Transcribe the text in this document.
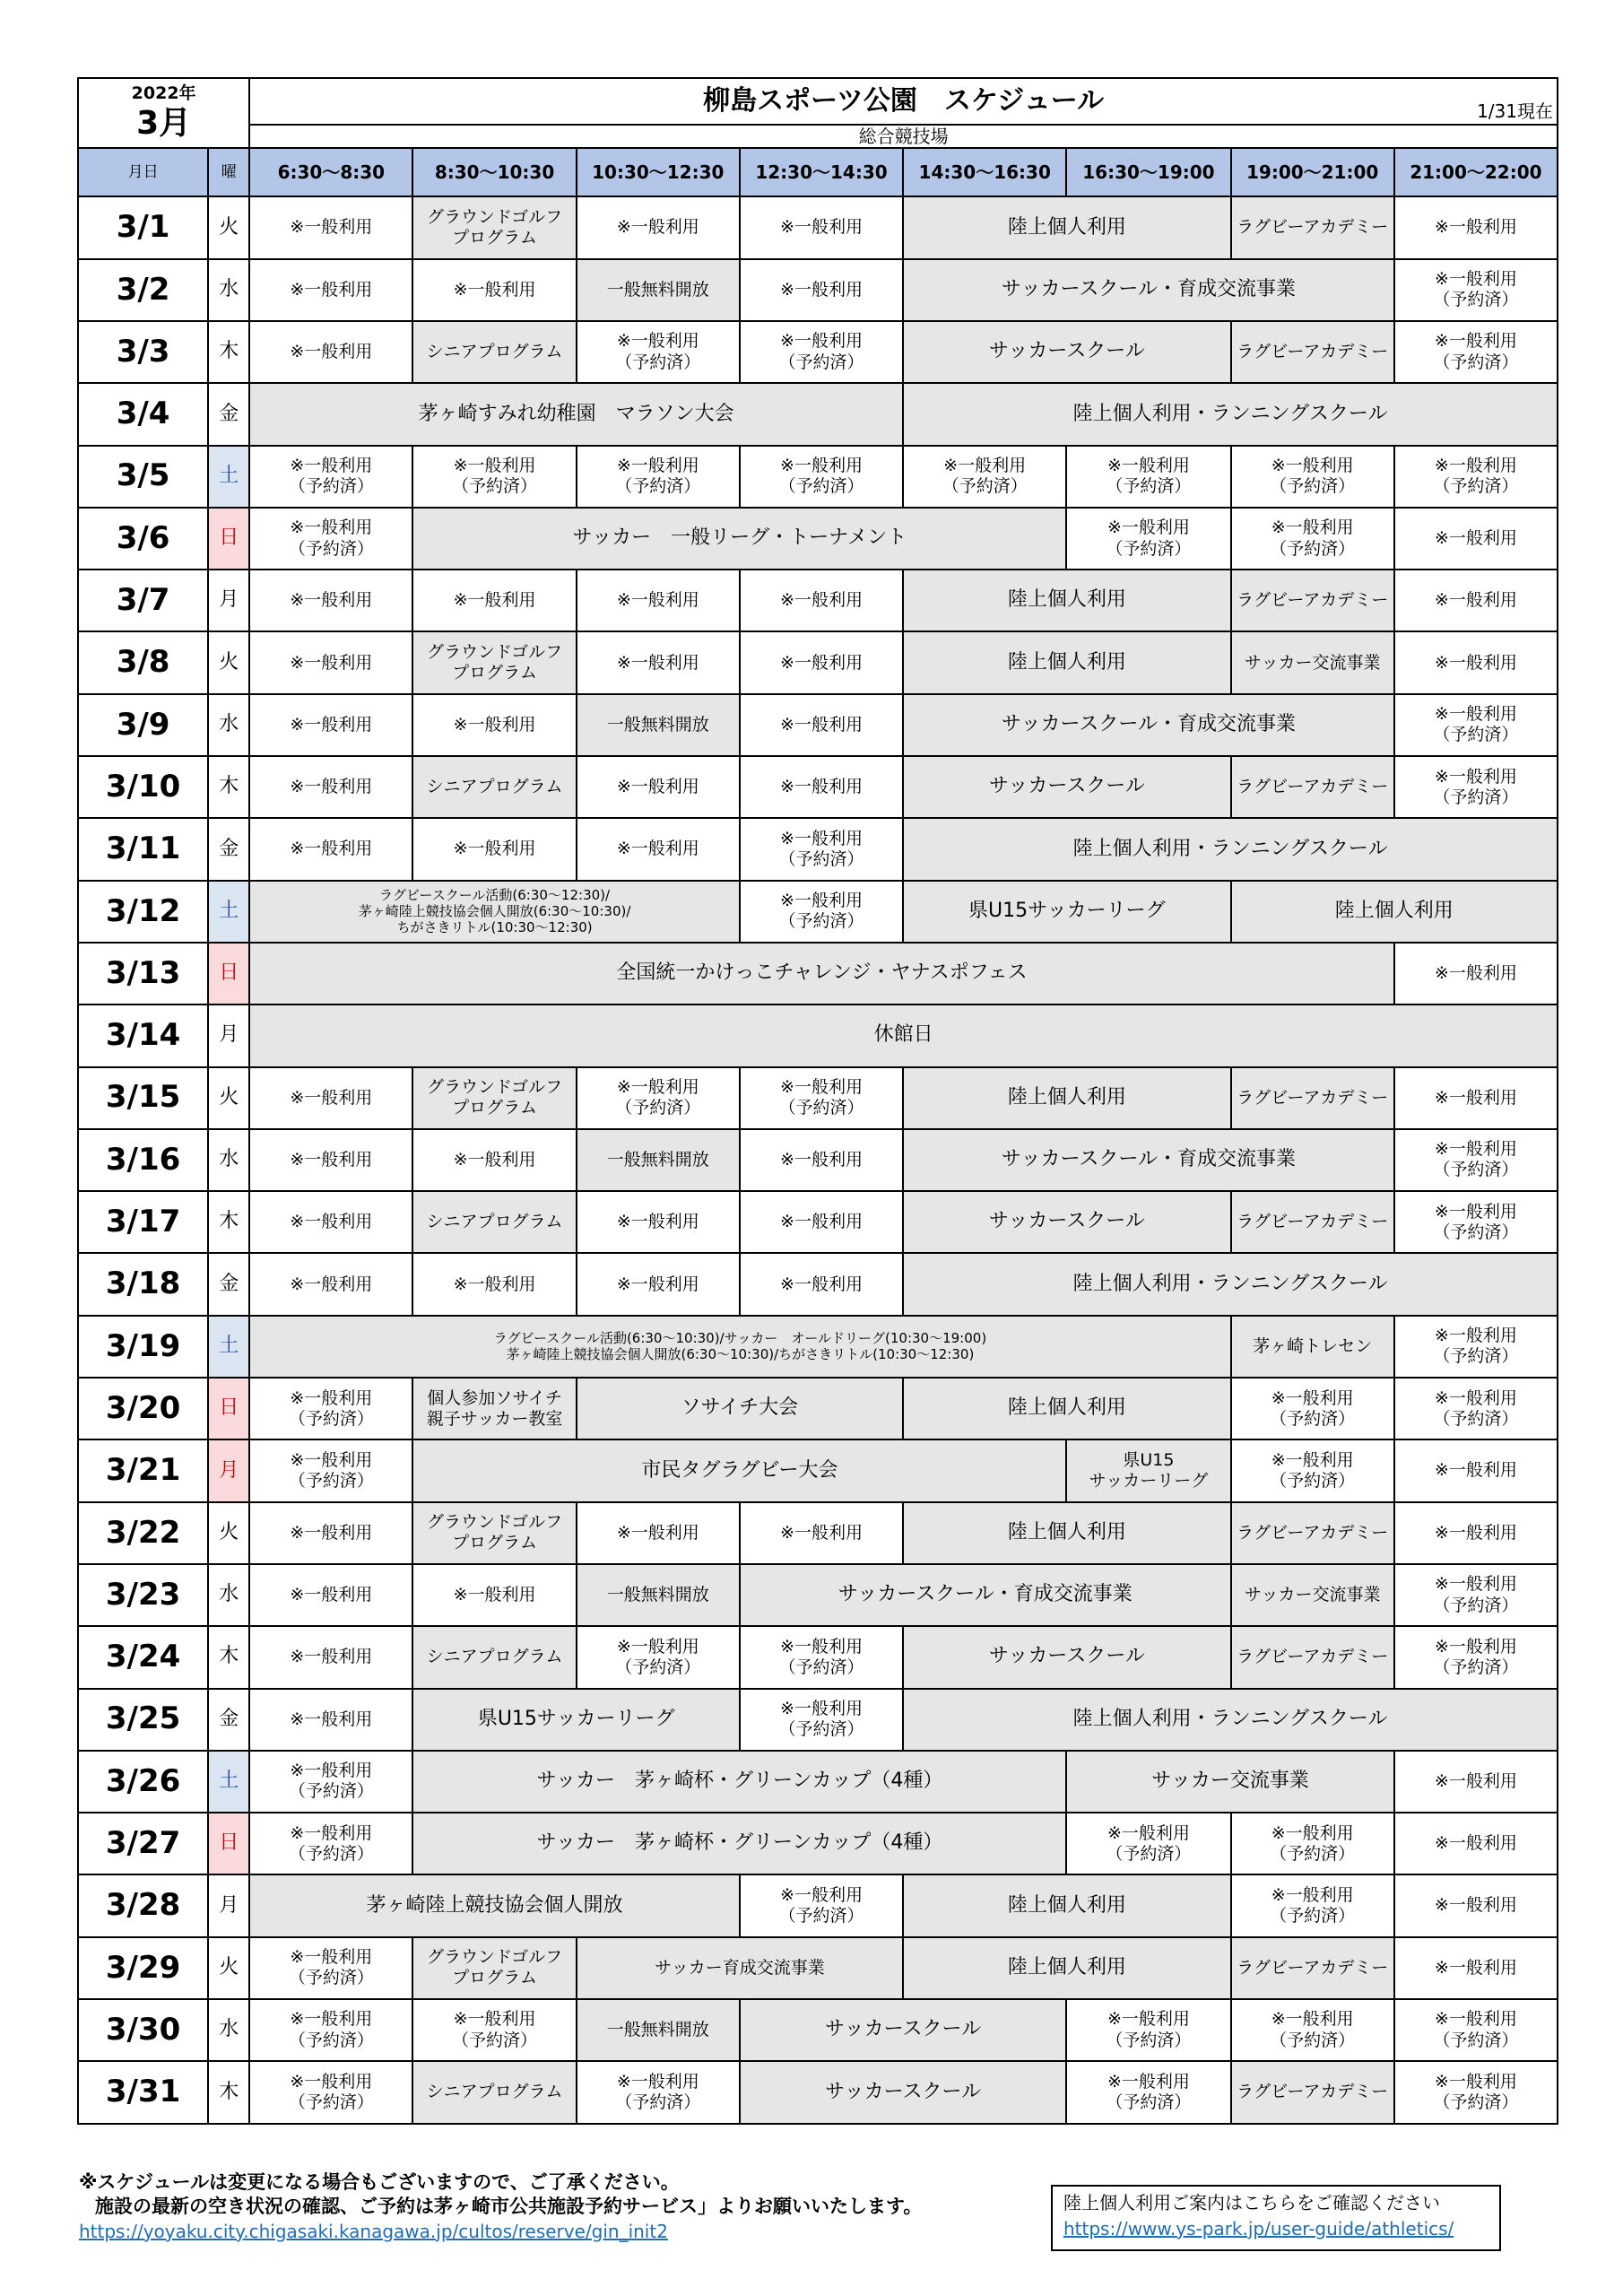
2022年
3月		柳島スポーツ公園　スケジュール 1/31現在							

		総合競技場							
月日	曜	6:30～8:30	8:30～10:30	10:30～12:30	12:30～14:30	14:30～16:30	16:30～19:00	19:00～21:00	21:00～22:00
3/1	火	※一般利用	グラウンドゴルフ
プログラム	※一般利用	※一般利用	陸上個人利用		ラグビーアカデミー	※一般利用
3/2	水	※一般利用	※一般利用	一般無料開放	※一般利用	サッカースクール・育成交流事業			※一般利用
（予約済）
3/3	木	※一般利用	シニアプログラム	※一般利用
（予約済）	※一般利用
（予約済）	サッカースクール		ラグビーアカデミー	※一般利用
（予約済）
3/4	金	茅ヶ崎すみれ幼稚園　マラソン大会				陸上個人利用・ランニングスクール			
3/5	土	※一般利用
（予約済）	※一般利用
（予約済）	※一般利用
（予約済）	※一般利用
（予約済）	※一般利用
（予約済）	※一般利用
（予約済）	※一般利用
（予約済）	※一般利用
（予約済）
3/6	日	※一般利用
（予約済）	サッカー　一般リーグ・トーナメント				※一般利用
（予約済）	※一般利用
（予約済）	※一般利用
3/7	月	※一般利用	※一般利用	※一般利用	※一般利用	陸上個人利用		ラグビーアカデミー	※一般利用
3/8	火	※一般利用	グラウンドゴルフ
プログラム	※一般利用	※一般利用	陸上個人利用		サッカー交流事業	※一般利用
3/9	水	※一般利用	※一般利用	一般無料開放	※一般利用	サッカースクール・育成交流事業			※一般利用
（予約済）
3/10	木	※一般利用	シニアプログラム	※一般利用	※一般利用	サッカースクール		ラグビーアカデミー	※一般利用
（予約済）
3/11	金	※一般利用	※一般利用	※一般利用	※一般利用
（予約済）	陸上個人利用・ランニングスクール			
3/12	土	ラグビースクール活動(6:30～12:30)/
茅ヶ崎陸上競技協会個人開放(6:30～10:30)/
ちがさきリトル(10:30～12:30)			※一般利用
（予約済）	県U15サッカーリーグ		陸上個人利用	
3/13	日	全国統一かけっこチャレンジ・ヤナスポフェス							※一般利用
3/14	月	休館日							
3/15	火	※一般利用	グラウンドゴルフ
プログラム	※一般利用
（予約済）	※一般利用
（予約済）	陸上個人利用		ラグビーアカデミー	※一般利用
3/16	水	※一般利用	※一般利用	一般無料開放	※一般利用	サッカースクール・育成交流事業			※一般利用
（予約済）
3/17	木	※一般利用	シニアプログラム	※一般利用	※一般利用	サッカースクール		ラグビーアカデミー	※一般利用
（予約済）
3/18	金	※一般利用	※一般利用	※一般利用	※一般利用	陸上個人利用・ランニングスクール			
3/19	土	ラグビースクール活動(6:30～10:30)/サッカー　オールドリーグ(10:30～19:00)
茅ヶ崎陸上競技協会個人開放(6:30～10:30)/ちがさきリトル(10:30～12:30)						茅ヶ崎トレセン	※一般利用
（予約済）
3/20	日	※一般利用
（予約済）	個人参加ソサイチ
親子サッカー教室	ソサイチ大会		陸上個人利用		※一般利用
（予約済）	※一般利用
（予約済）
3/21	月	※一般利用
（予約済）	市民タグラグビー大会				県U15
サッカーリーグ	※一般利用
（予約済）	※一般利用
3/22	火	※一般利用	グラウンドゴルフ
プログラム	※一般利用	※一般利用	陸上個人利用		ラグビーアカデミー	※一般利用
3/23	水	※一般利用	※一般利用	一般無料開放	サッカースクール・育成交流事業			サッカー交流事業	※一般利用
（予約済）
3/24	木	※一般利用	シニアプログラム	※一般利用
（予約済）	※一般利用
（予約済）	サッカースクール		ラグビーアカデミー	※一般利用
（予約済）
3/25	金	※一般利用	県U15サッカーリーグ		※一般利用
（予約済）	陸上個人利用・ランニングスクール			
3/26	土	※一般利用
（予約済）	サッカー　茅ヶ崎杯・グリーンカップ（4種）				サッカー交流事業		※一般利用
3/27	日	※一般利用
（予約済）	サッカー　茅ヶ崎杯・グリーンカップ（4種）				※一般利用
（予約済）	※一般利用
（予約済）	※一般利用
3/28	月	茅ヶ崎陸上競技協会個人開放			※一般利用
（予約済）	陸上個人利用		※一般利用
（予約済）	※一般利用
3/29	火	※一般利用
（予約済）	グラウンドゴルフ
プログラム	サッカー育成交流事業		陸上個人利用		ラグビーアカデミー	※一般利用
3/30	水	※一般利用
（予約済）	※一般利用
（予約済）	一般無料開放	サッカースクール		※一般利用
（予約済）	※一般利用
（予約済）	※一般利用
（予約済）
3/31	木	※一般利用
（予約済）	シニアプログラム	※一般利用
（予約済）	サッカースクール		※一般利用
（予約済）	ラグビーアカデミー	※一般利用
（予約済）
※スケジュールは変更になる場合もございますので、ご了承ください。
施設の最新の空き状況の確認、ご予約は茅ヶ崎市公共施設予約サービス」よりお願いいたします。
https://yoyaku.city.chigasaki.kanagawa.jp/cultos/reserve/gin_init2
陸上個人利用ご案内はこちらをご確認ください
https://www.ys-park.jp/user-guide/athletics/
